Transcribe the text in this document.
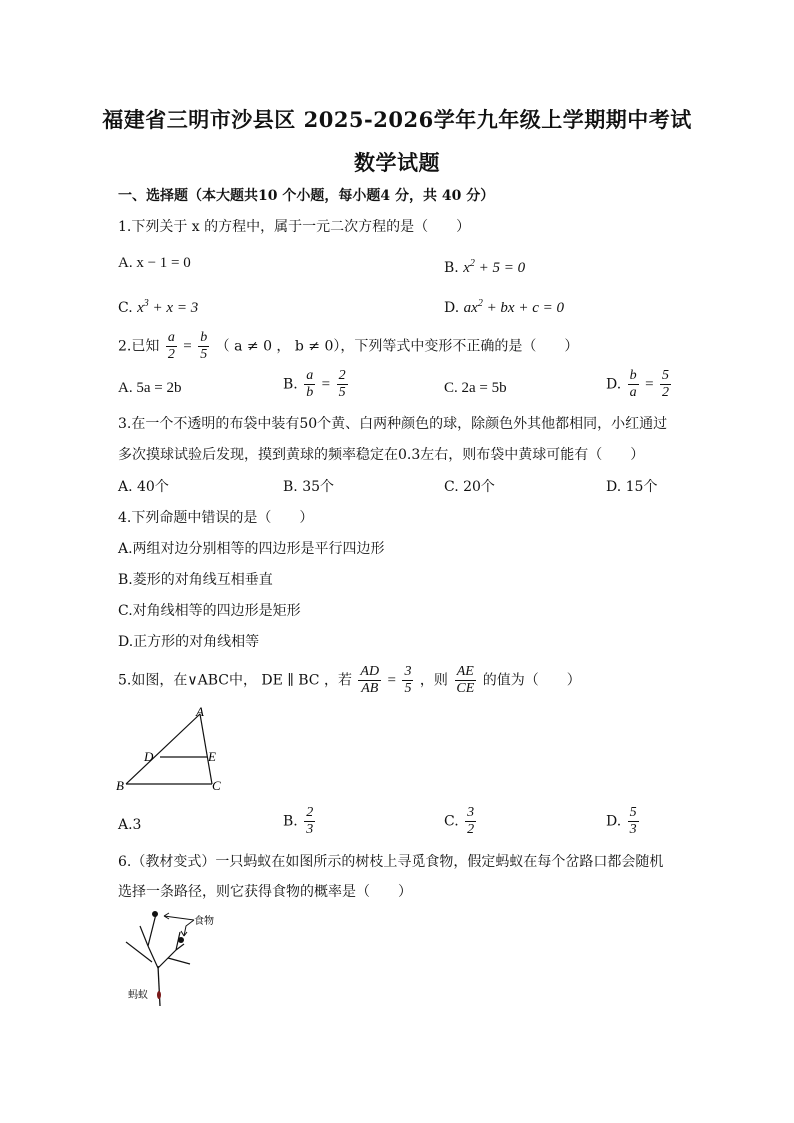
福建省三明市沙县区 2025-2026学年九年级上学期期中考试
数学试题
一、选择题（本大题共10 个小题，每小题4 分，共 40 分）
1.下列关于 x 的方程中，属于一元二次方程的是（　　）
A. x − 1 = 0	B. $x^2 + 5 = 0$
C. $x^3 + x = 3$	D. $ax^2$ + bx + c = 0
2.已知 $\frac{a}{2} = \frac{b}{5}$ （ a ≠ 0 ， b ≠ 0），下列等式中变形不正确的是（　　）
A. 5a = 2b	B. $\frac{a}{b} = \frac{2}{5}$	C. 2a = 5b	D. $\frac{b}{a} = \frac{5}{2}$
3.在一个不透明的布袋中装有50个黄、白两种颜色的球，除颜色外其他都相同，小红通过
多次摸球试验后发现，摸到黄球的频率稳定在0.3左右，则布袋中黄球可能有（　　）
A. 40个	B. 35个	C. 20个	D. 15个
4.下列命题中错误的是（　　）
A.两组对边分别相等的四边形是平行四边形
B.菱形的对角线互相垂直
C.对角线相等的四边形是矩形
D.正方形的对角线相等
5.如图，在∨ABC中， DE ∥ BC ，若 $\frac{AD}{AB} = \frac{3}{5}$ ，则 $\frac{AE}{CE}$ 的值为（　　）
A
D	E
B	C
A.3	B. $\frac{2}{3}$	C. $\frac{3}{2}$	D. $\frac{5}{3}$
6.（教材变式）一只蚂蚁在如图所示的树枝上寻觅食物，假定蚂蚁在每个岔路口都会随机
选择一条路径，则它获得食物的概率是（　　）
食物
蚂蚁
